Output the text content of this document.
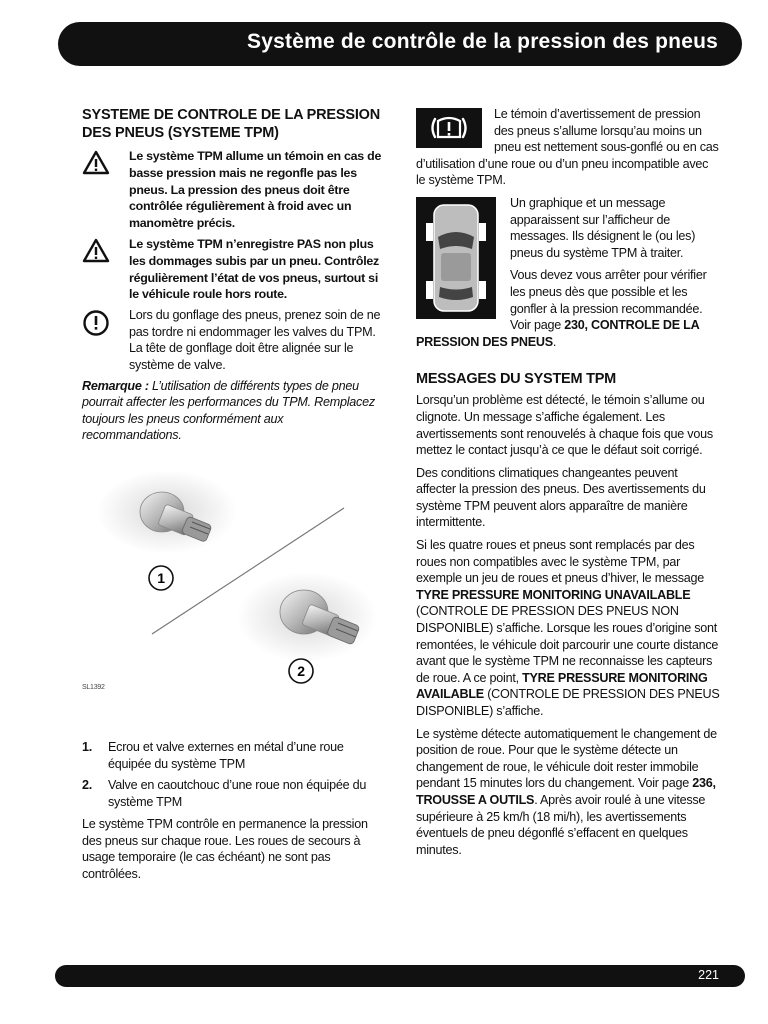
Système de contrôle de la pression des pneus
SYSTEME DE CONTROLE DE LA PRESSION DES PNEUS (SYSTEME TPM)
Le système TPM allume un témoin en cas de basse pression mais ne regonfle pas les pneus. La pression des pneus doit être contrôlée régulièrement à froid avec un manomètre précis.
Le système TPM n’enregistre PAS non plus les dommages subis par un pneu. Contrôlez régulièrement l’état de vos pneus, surtout si le véhicule roule hors route.
Lors du gonflage des pneus, prenez soin de ne pas tordre ni endommager les valves du TPM. La tête de gonflage doit être alignée sur le système de valve.

Remarque : L’utilisation de différents types de pneu pourrait affecter les performances du TPM. Remplacez toujours les pneus conformément aux recommandations.

1
2
SL1392
1.	Ecrou et valve externes en métal d’une roue équipée du système TPM
2.	Valve en caoutchouc d’une roue non équipée du système TPM

Le système TPM contrôle en permanence la pression des pneus sur chaque roue. Les roues de secours à usage temporaire (le cas échéant) ne sont pas contrôlées.

Le témoin d’avertissement de pression des pneus s’allume lorsqu’au moins un pneu est nettement sous-gonflé ou en cas d’utilisation d’une roue ou d’un pneu incompatible avec le système TPM.

Un graphique et un message apparaissent sur l’afficheur de messages. Ils désignent le (ou les) pneus du système TPM à traiter.

Vous devez vous arrêter pour vérifier les pneus dès que possible et les gonfler à la pression recommandée. Voir page 230, CONTROLE DE LA PRESSION DES PNEUS.

MESSAGES DU SYSTEM TPM

Lorsqu’un problème est détecté, le témoin s’allume ou clignote. Un message s’affiche également. Les avertissements sont renouvelés à chaque fois que vous mettez le contact jusqu’à ce que le défaut soit corrigé.

Des conditions climatiques changeantes peuvent affecter la pression des pneus. Des avertissements du système TPM peuvent alors apparaître de manière intermittente.

Si les quatre roues et pneus sont remplacés par des roues non compatibles avec le système TPM, par exemple un jeu de roues et pneus d’hiver, le message TYRE PRESSURE MONITORING UNAVAILABLE (CONTROLE DE PRESSION DES PNEUS NON DISPONIBLE) s’affiche. Lorsque les roues d’origine sont remontées, le véhicule doit parcourir une courte distance avant que le système TPM ne reconnaisse les capteurs de roue. A ce point, TYRE PRESSURE MONITORING AVAILABLE (CONTROLE DE PRESSION DES PNEUS DISPONIBLE) s’affiche.

Le système détecte automatiquement le changement de position de roue. Pour que le système détecte un changement de roue, le véhicule doit rester immobile pendant 15 minutes lors du changement. Voir page 236, TROUSSE A OUTILS. Après avoir roulé à une vitesse supérieure à 25 km/h (18 mi/h), les avertissements éventuels de pneu dégonflé s’effacent en quelques minutes.

221
